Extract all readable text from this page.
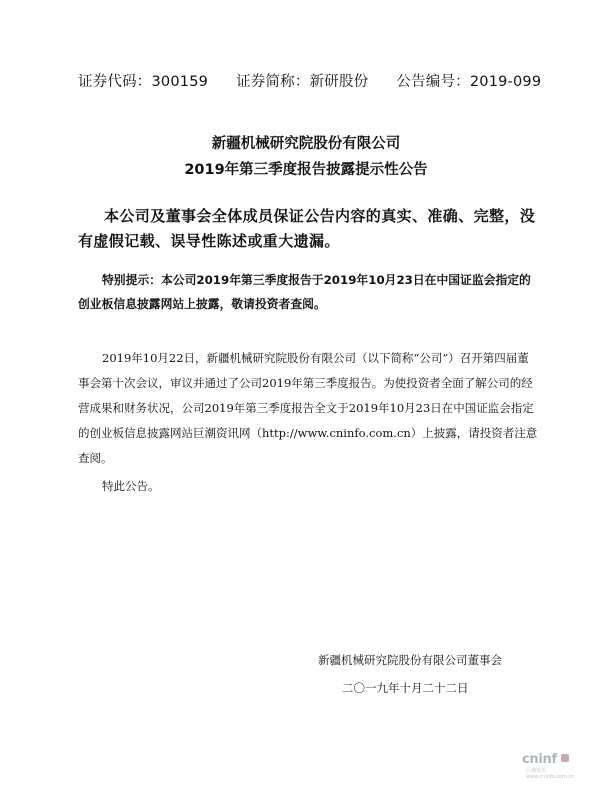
证券代码：300159 证券简称：新研股份 公告编号：2019-099
新疆机械研究院股份有限公司
2019年第三季度报告披露提示性公告
本公司及董事会全体成员保证公告内容的真实、准确、完整，没有虚假记载、误导性陈述或重大遗漏。
特别提示：本公司2019年第三季度报告于2019年10月23日在中国证监会指定的创业板信息披露网站上披露，敬请投资者查阅。
2019年10月22日，新疆机械研究院股份有限公司（以下简称“公司”）召开第四届董事会第十次会议，审议并通过了公司2019年第三季度报告。为使投资者全面了解公司的经营成果和财务状况，公司2019年第三季度报告全文于2019年10月23日在中国证监会指定的创业板信息披露网站巨潮资讯网（http://www.cninfo.com.cn）上披露，请投资者注意查阅。
特此公告。
新疆机械研究院股份有限公司董事会
二〇一九年十月二十二日
cninf
巨潮资讯 www.cninfo.com.cn
